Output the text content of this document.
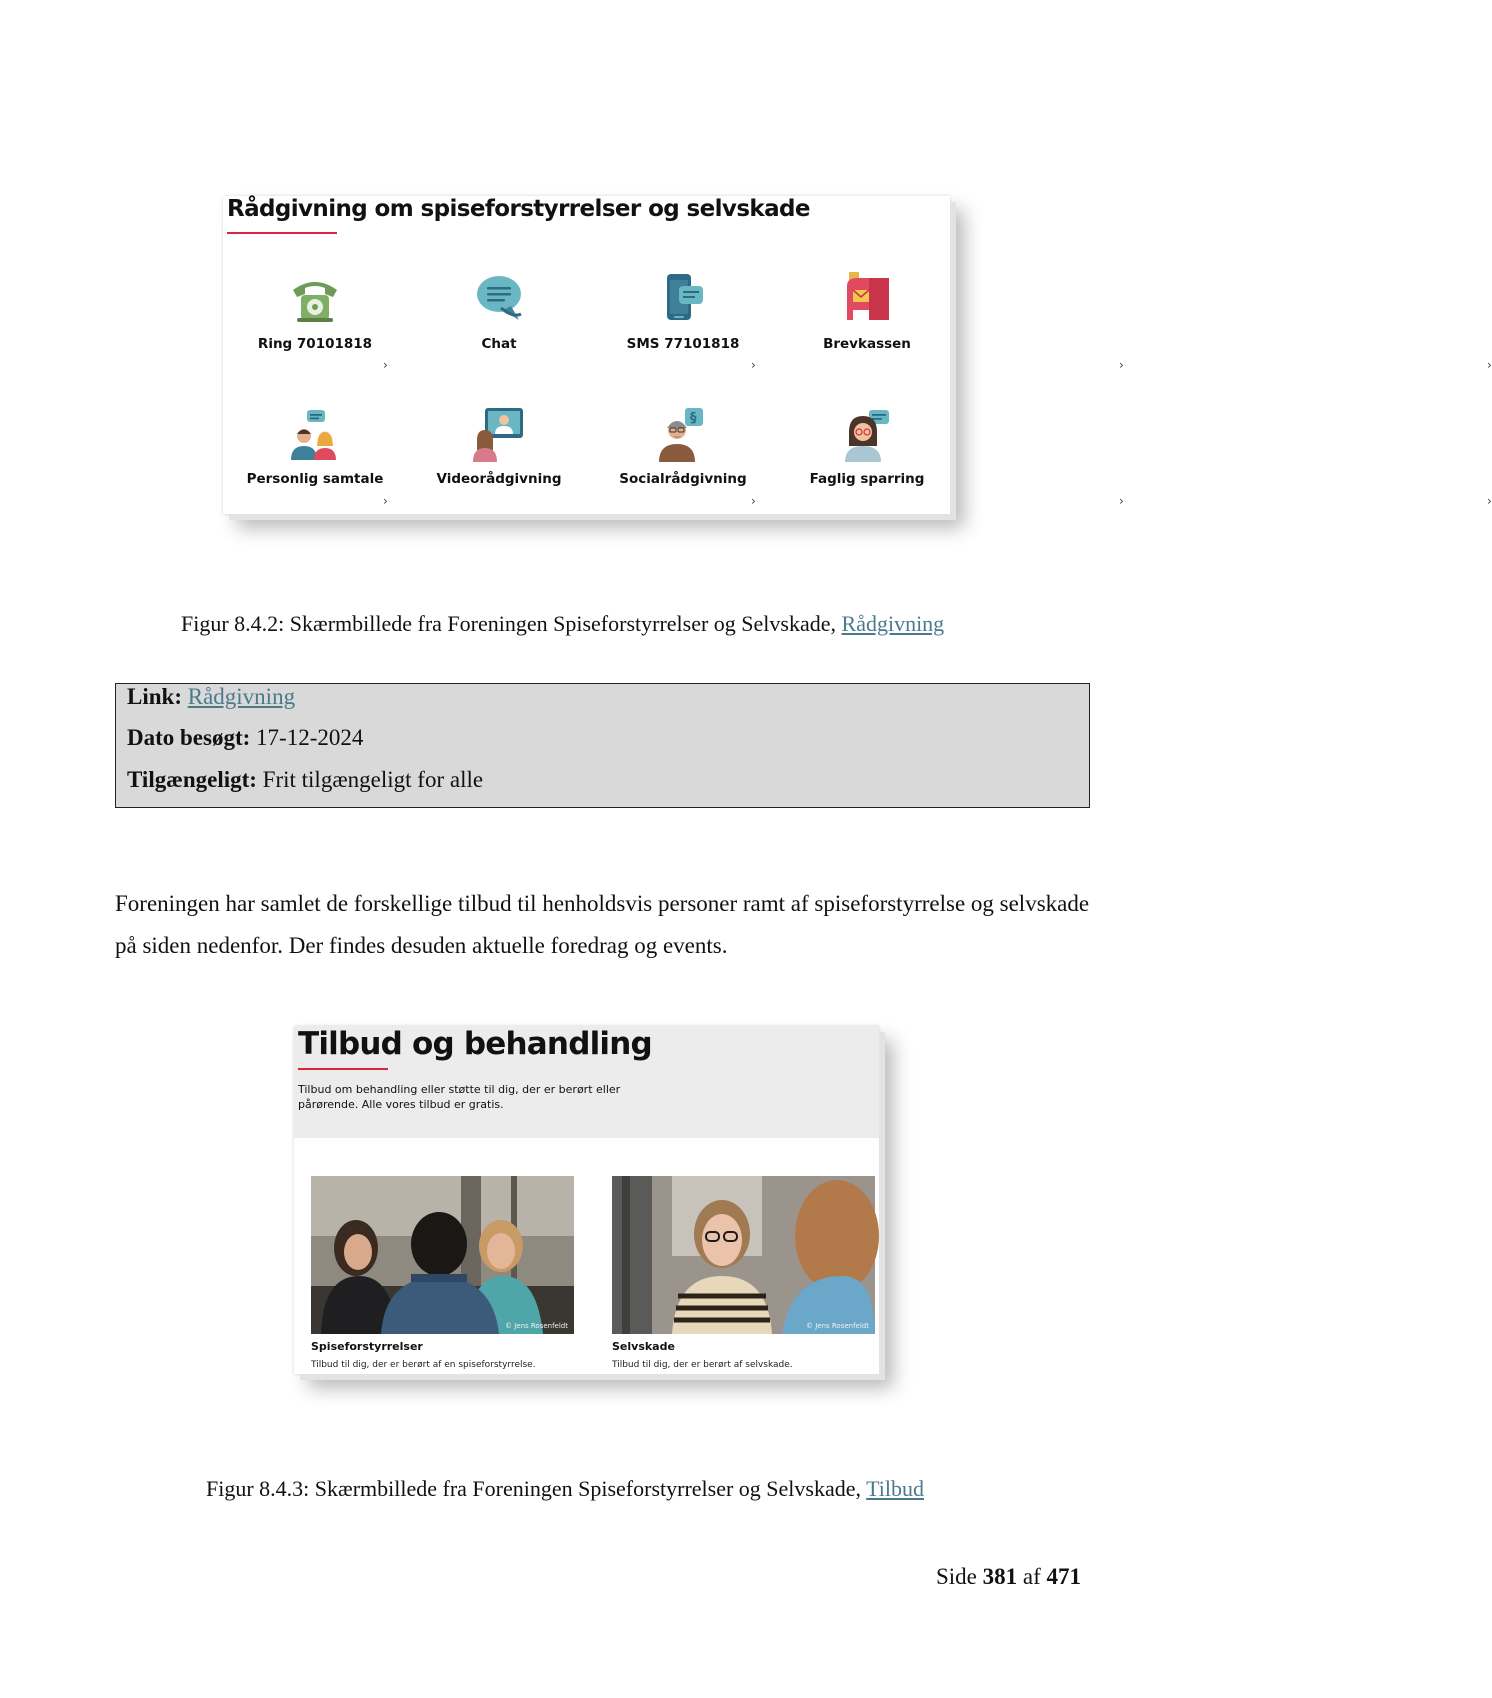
Rådgivning om spiseforstyrrelser og selvskade
Ring 70101818
›
Chat
›
SMS 77101818
›
Brevkassen
›
Personlig samtale
›
Videorådgivning
›
§
Socialrådgivning
›
Faglig sparring
›
Figur 8.4.2: Skærmbillede fra Foreningen Spiseforstyrrelser og Selvskade, Rådgivning
Link: Rådgivning
Dato besøgt: 17-12-2024
Tilgængeligt: Frit tilgængeligt for alle
Foreningen har samlet de forskellige tilbud til henholdsvis personer ramt af spiseforstyrrelse og selvskade på siden nedenfor. Der findes desuden aktuelle foredrag og events.
Tilbud og behandling
Tilbud om behandling eller støtte til dig, der er berørt eller pårørende. Alle vores tilbud er gratis.
© Jens Rosenfeldt
Spiseforstyrrelser
Tilbud til dig, der er berørt af en spiseforstyrrelse.
© Jens Rosenfeldt
Selvskade
Tilbud til dig, der er berørt af selvskade.
Figur 8.4.3: Skærmbillede fra Foreningen Spiseforstyrrelser og Selvskade, Tilbud
Side 381 af 471
